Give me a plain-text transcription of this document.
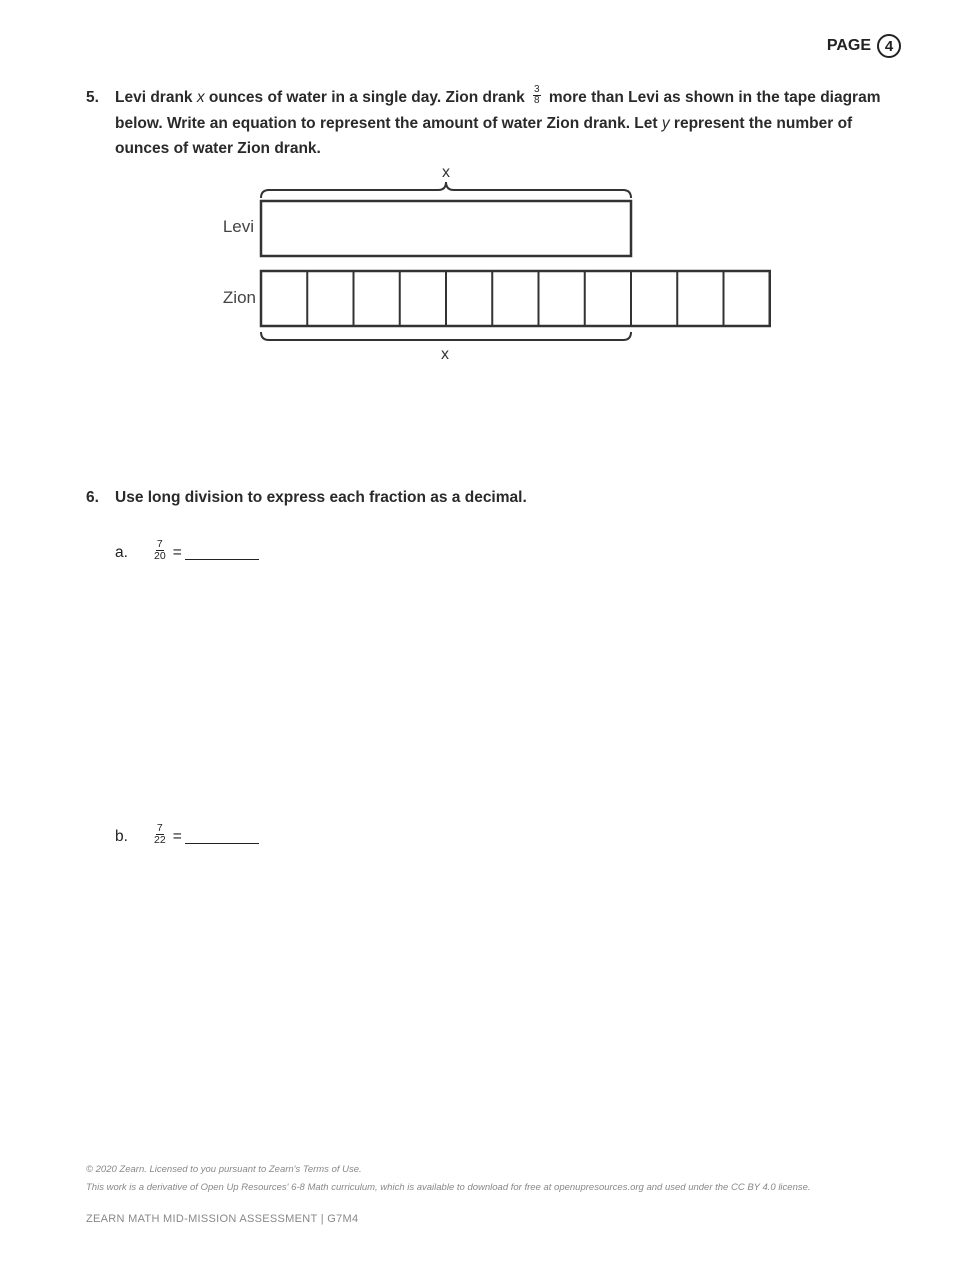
PAGE 4
5. Levi drank x ounces of water in a single day. Zion drank $\frac{3}{8}$ more than Levi as shown in the tape diagram below. Write an equation to represent the amount of water Zion drank. Let y represent the number of ounces of water Zion drank.
x
Levi
Zion
x
6. Use long division to express each fraction as a decimal.
a.	$\frac{7}{20}$ =
b.	$\frac{7}{22}$ =
© 2020 Zearn. Licensed to you pursuant to Zearn's Terms of Use.
This work is a derivative of Open Up Resources' 6-8 Math curriculum, which is available to download for free at openupresources.org and used under the CC BY 4.0 license.
ZEARN MATH MID-MISSION ASSESSMENT | G7M4
